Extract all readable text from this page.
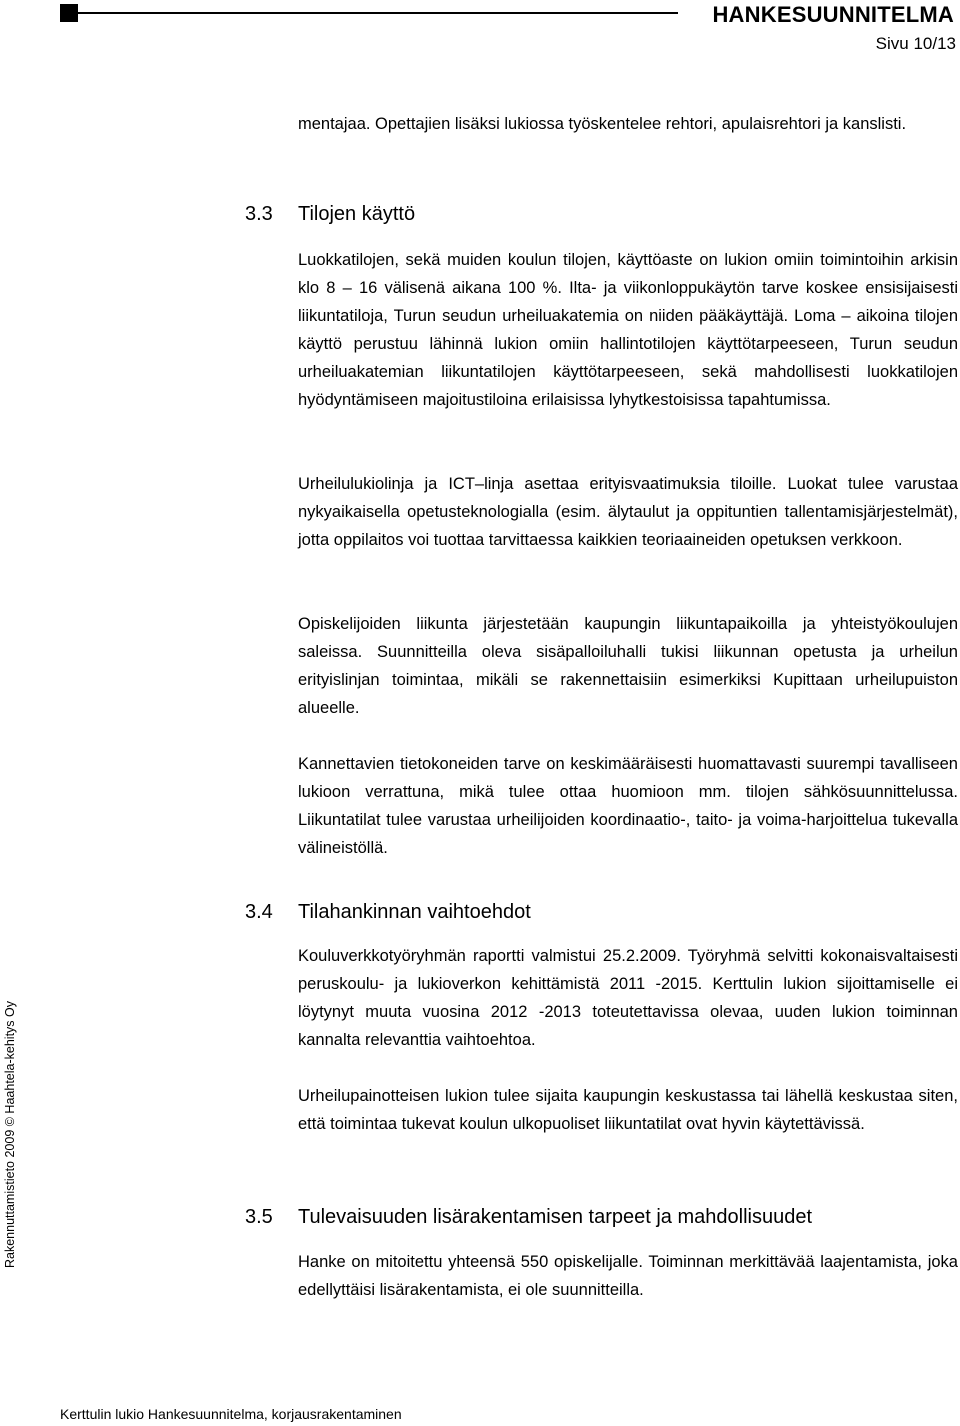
HANKESUUNNITELMA
Sivu 10/13

mentajaa. Opettajien lisäksi lukiossa työskentelee rehtori, apulaisrehtori ja kanslisti.

3.3 Tilojen käyttö

Luokkatilojen, sekä muiden koulun tilojen, käyttöaste on lukion omiin toimintoihin arkisin klo 8 – 16 välisenä aikana 100 %. Ilta- ja viikonloppukäytön tarve koskee ensisijaisesti liikuntatiloja, Turun seudun urheiluakatemia on niiden pääkäyttäjä. Loma – aikoina tilojen käyttö perustuu lähinnä lukion omiin hallintotilojen käyttötarpeeseen, Turun seudun urheiluakatemian liikuntatilojen käyttötarpeeseen, sekä mahdollisesti luokkatilojen hyödyntämiseen majoitustiloina erilaisissa lyhytkestoisissa tapahtumissa.

Urheilulukiolinja ja ICT–linja asettaa erityisvaatimuksia tiloille. Luokat tulee varustaa nykyaikaisella opetusteknologialla (esim. älytaulut ja oppituntien tallentamisjärjestelmät), jotta oppilaitos voi tuottaa tarvittaessa kaikkien teoriaaineiden opetuksen verkkoon.

Opiskelijoiden liikunta järjestetään kaupungin liikuntapaikoilla ja yhteistyökoulujen saleissa. Suunnitteilla oleva sisäpalloiluhalli tukisi liikunnan opetusta ja urheilun erityislinjan toimintaa, mikäli se rakennettaisiin esimerkiksi Kupittaan urheilupuiston alueelle.

Kannettavien tietokoneiden tarve on keskimääräisesti huomattavasti suurempi tavalliseen lukioon verrattuna, mikä tulee ottaa huomioon mm. tilojen sähkösuunnittelussa. Liikuntatilat tulee varustaa urheilijoiden koordinaatio-, taito- ja voima-harjoittelua tukevalla välineistöllä.

3.4 Tilahankinnan vaihtoehdot

Kouluverkkotyöryhmän raportti valmistui 25.2.2009. Työryhmä selvitti kokonaisvaltaisesti peruskoulu- ja lukioverkon kehittämistä 2011 -2015. Kerttulin lukion sijoittamiselle ei löytynyt muuta vuosina 2012 -2013 toteutettavissa olevaa, uuden lukion toiminnan kannalta relevanttia vaihtoehtoa.

Urheilupainotteisen lukion tulee sijaita kaupungin keskustassa tai lähellä keskustaa siten, että toimintaa tukevat koulun ulkopuoliset liikuntatilat ovat hyvin käytettävissä.

3.5 Tulevaisuuden lisärakentamisen tarpeet ja mahdollisuudet

Hanke on mitoitettu yhteensä 550 opiskelijalle. Toiminnan merkittävää laajentamista, joka edellyttäisi lisärakentamista, ei ole suunnitteilla.

Rakennuttamistieto 2009 © Haahtela-kehitys Oy
Kerttulin lukio Hankesuunnitelma, korjausrakentaminen
